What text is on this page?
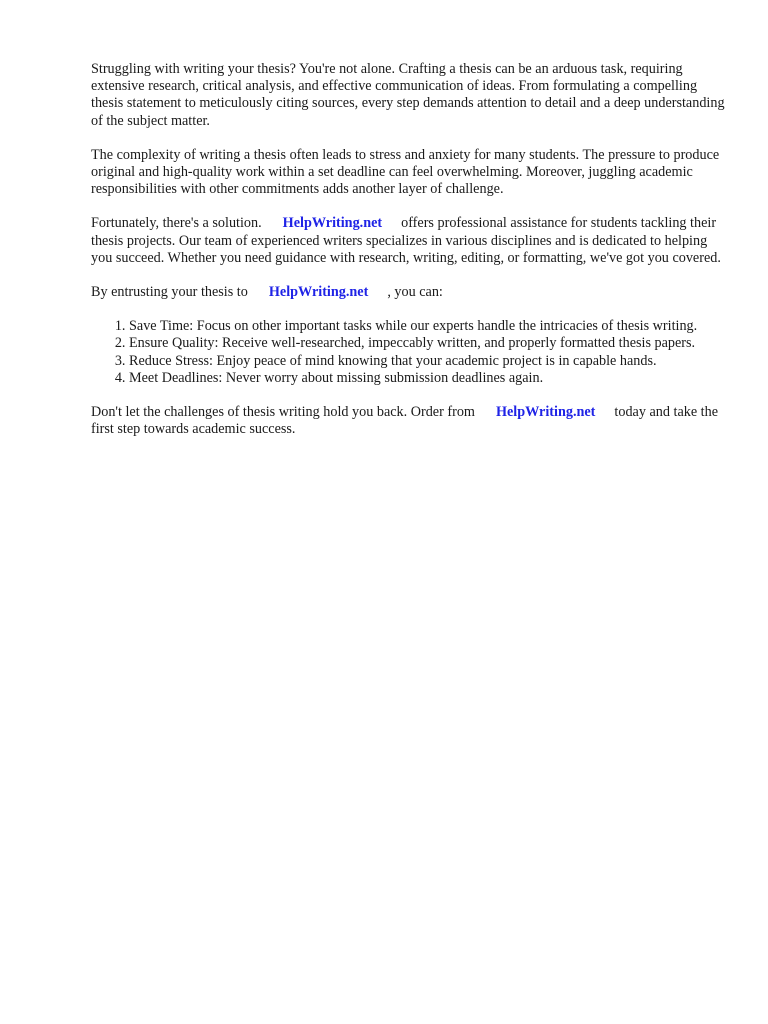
Struggling with writing your thesis? You're not alone. Crafting a thesis can be an arduous task, requiring extensive research, critical analysis, and effective communication of ideas. From formulating a compelling thesis statement to meticulously citing sources, every step demands attention to detail and a deep understanding of the subject matter.

The complexity of writing a thesis often leads to stress and anxiety for many students. The pressure to produce original and high-quality work within a set deadline can feel overwhelming. Moreover, juggling academic responsibilities with other commitments adds another layer of challenge.

Fortunately, there's a solution. HelpWriting.net offers professional assistance for students tackling their thesis projects. Our team of experienced writers specializes in various disciplines and is dedicated to helping you succeed. Whether you need guidance with research, writing, editing, or formatting, we've got you covered.

By entrusting your thesis to HelpWriting.net , you can:

1. Save Time: Focus on other important tasks while our experts handle the intricacies of thesis writing.
2. Ensure Quality: Receive well-researched, impeccably written, and properly formatted thesis papers.
3. Reduce Stress: Enjoy peace of mind knowing that your academic project is in capable hands.
4. Meet Deadlines: Never worry about missing submission deadlines again.

Don't let the challenges of thesis writing hold you back. Order from HelpWriting.net today and take the first step towards academic success.
